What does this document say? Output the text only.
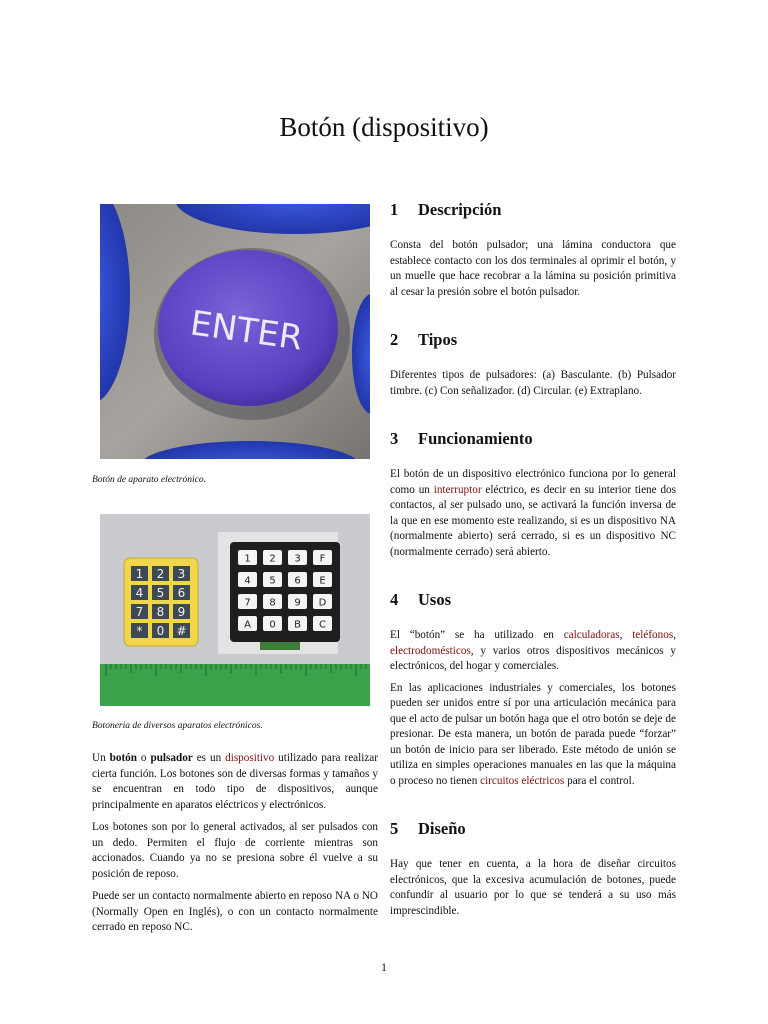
Botón (dispositivo)
ENTER
Botón de aparato electrónico.
1 2 3
4 5 6
7 8 9
* 0 #
1 2 3 F
4 5 6 E
7 8 9 D
A 0 B C
Botoneria de diversos aparatos electrónicos.

Un botón o pulsador es un dispositivo utilizado para realizar cierta función. Los botones son de diversas formas y tamaños y se encuentran en todo tipo de dispositivos, aunque principalmente en aparatos eléctricos y electrónicos.

Los botones son por lo general activados, al ser pulsados con un dedo. Permiten el flujo de corriente mientras son accionados. Cuando ya no se presiona sobre él vuelve a su posición de reposo.

Puede ser un contacto normalmente abierto en reposo NA o NO (Normally Open en Inglés), o con un contacto normalmente cerrado en reposo NC.

1 Descripción

Consta del botón pulsador; una lámina conductora que establece contacto con los dos terminales al oprimir el botón, y un muelle que hace recobrar a la lámina su posición primitiva al cesar la presión sobre el botón pulsador.

2 Tipos

Diferentes tipos de pulsadores: (a) Basculante. (b) Pulsador timbre. (c) Con señalizador. (d) Circular. (e) Extraplano.

3 Funcionamiento

El botón de un dispositivo electrónico funciona por lo general como un interruptor eléctrico, es decir en su interior tiene dos contactos, al ser pulsado uno, se activará la función inversa de la que en ese momento este realizando, si es un dispositivo NA (normalmente abierto) será cerrado, si es un dispositivo NC (normalmente cerrado) será abierto.

4 Usos

El “botón” se ha utilizado en calculadoras, teléfonos, electrodomésticos, y varios otros dispositivos mecánicos y electrónicos, del hogar y comerciales.

En las aplicaciones industriales y comerciales, los botones pueden ser unidos entre sí por una articulación mecánica para que el acto de pulsar un botón haga que el otro botón se deje de presionar. De esta manera, un botón de parada puede “forzar” un botón de inicio para ser liberado. Este método de unión se utiliza en simples operaciones manuales en las que la máquina o proceso no tienen circuitos eléctricos para el control.

5 Diseño

Hay que tener en cuenta, a la hora de diseñar circuitos electrónicos, que la excesiva acumulación de botones, puede confundir al usuario por lo que se tenderá a su uso más imprescindible.

1
